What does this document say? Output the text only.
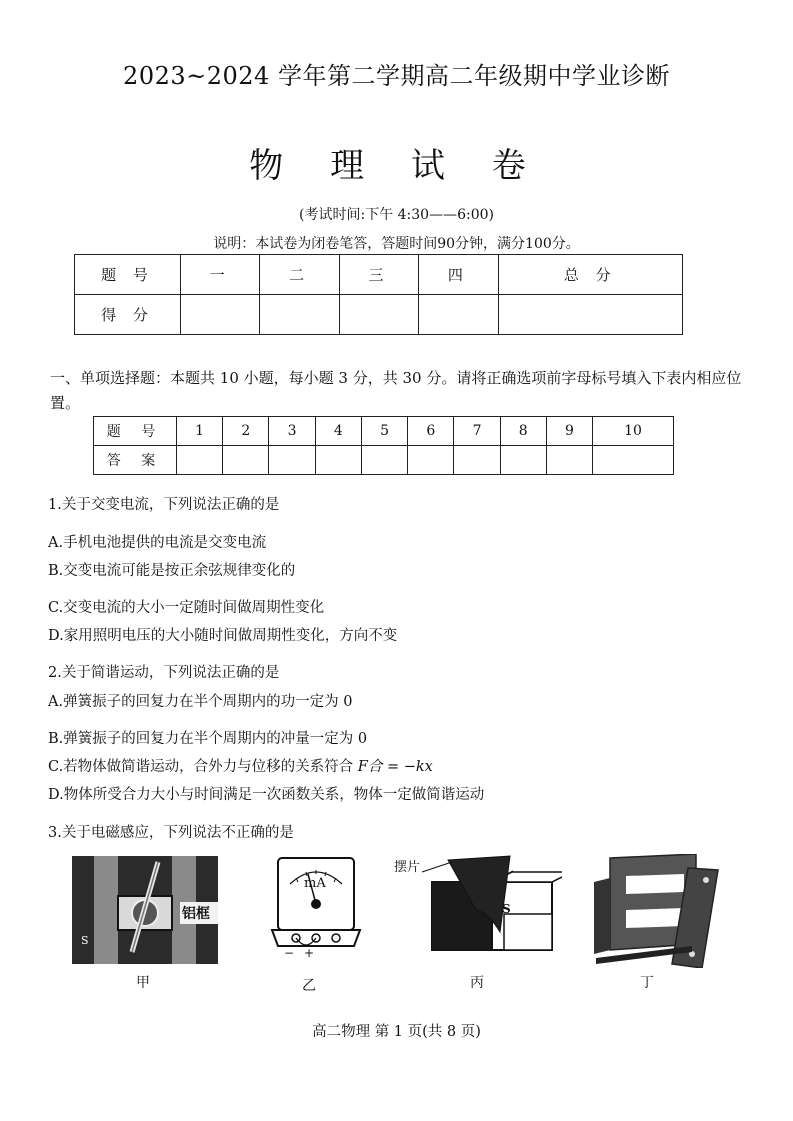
2023~2024 学年第二学期高二年级期中学业诊断
物 理 试 卷
(考试时间:下午 4:30——6:00)
说明：本试卷为闭卷笔答，答题时间90分钟，满分100分。
题 号	一	二	三	四	总 分
得 分					
一、单项选择题：本题共 10 小题，每小题 3 分，共 30 分。请将正确选项前字母标号填入下表内相应位置。
题 号	1	2	3	4	5	6	7	8	9	10
答 案										
1.关于交变电流，下列说法正确的是
A.手机电池提供的电流是交变电流
B.交变电流可能是按正余弦规律变化的
C.交变电流的大小一定随时间做周期性变化
D.家用照明电压的大小随时间做周期性变化，方向不变
2.关于简谐运动，下列说法正确的是
A.弹簧振子的回复力在半个周期内的功一定为 0
B.弹簧振子的回复力在半个周期内的冲量一定为 0
C.若物体做简谐运动，合外力与位移的关系符合 F合 = −kx
D.物体所受合力大小与时间满足一次函数关系，物体一定做简谐运动
3.关于电磁感应，下列说法不正确的是
S
铝框
甲
mA
− +
乙
摆片
S
丙	丁
高二物理 第 1 页(共 8 页)
